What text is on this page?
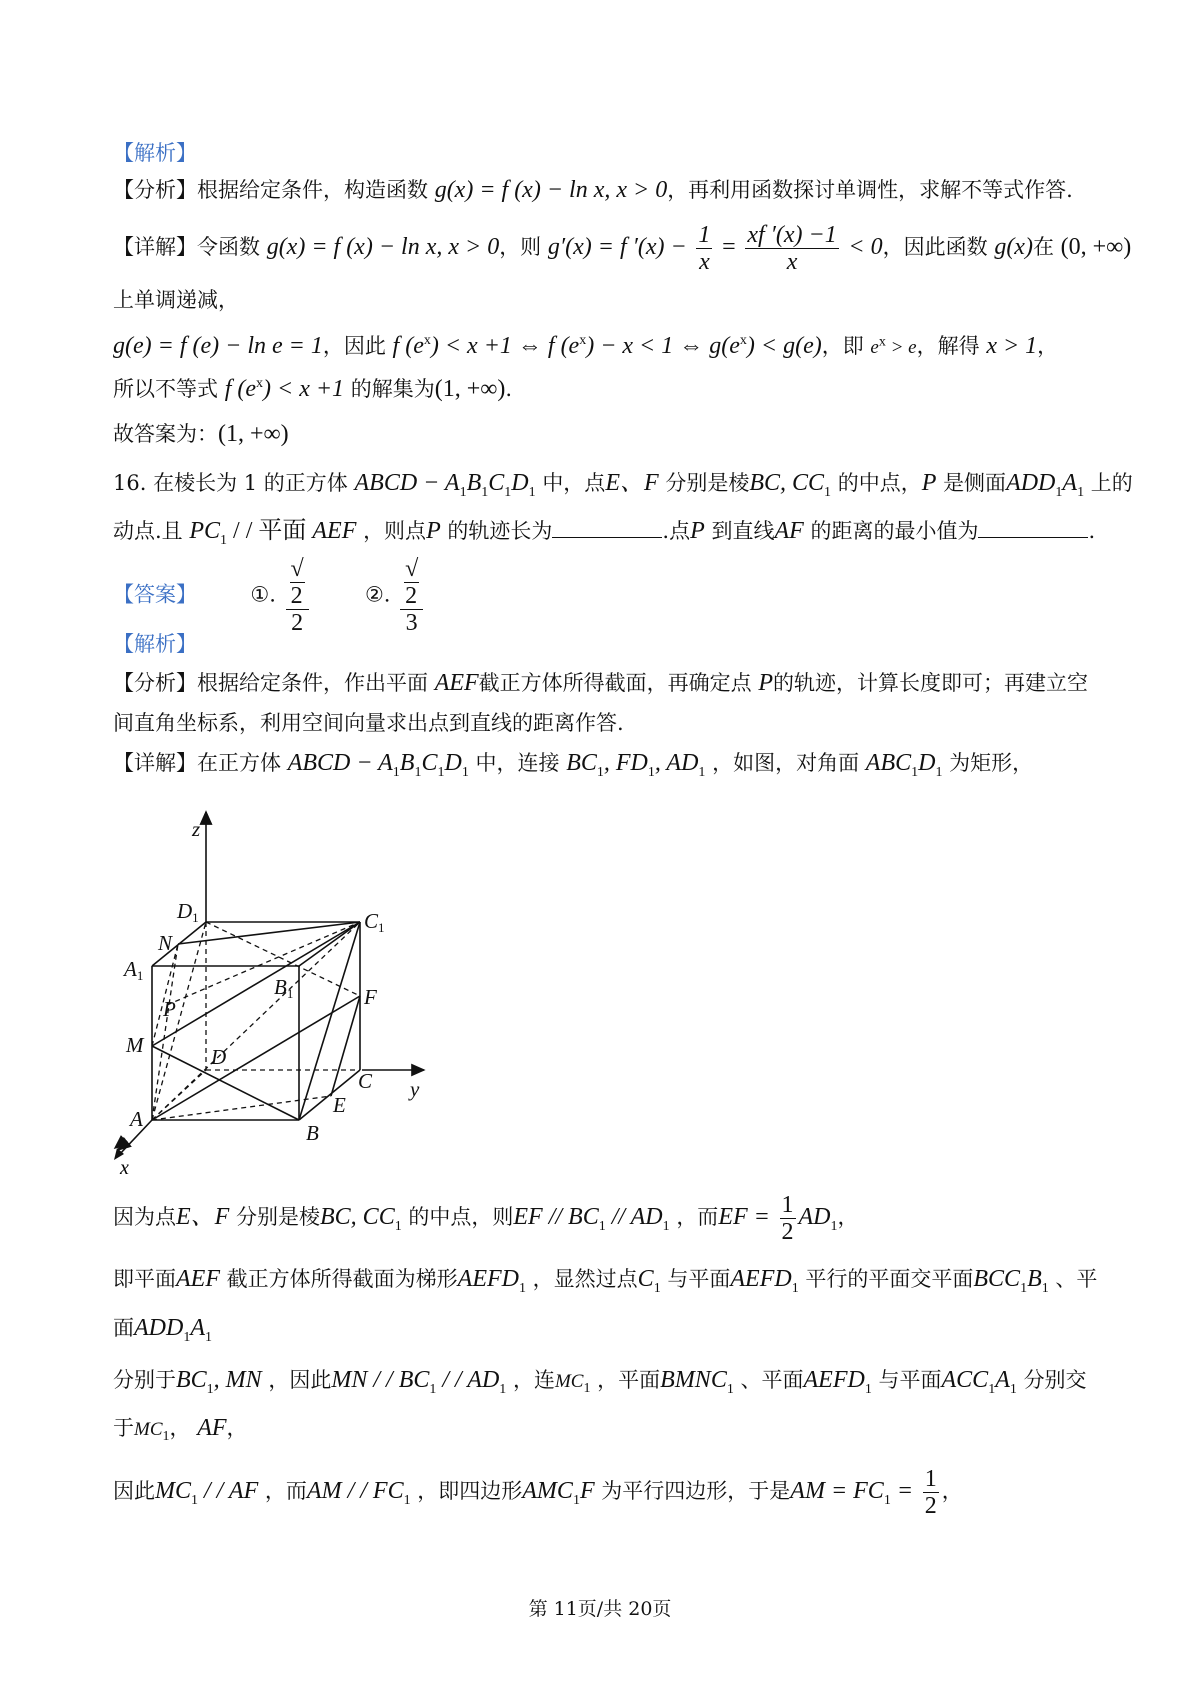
【解析】
【分析】根据给定条件，构造函数 g(x) = f (x) − ln x, x > 0，再利用函数探讨单调性，求解不等式作答.
【详解】令函数 g(x) = f (x) − ln x, x > 0，则 g′(x) = f $'(x) - \frac{1}{x} = \frac{xf '(x) -1}{x} < 0$，因此函数 g(x)在 (0, +∞)
上单调递减，
g(e) = f (e) − ln e = 1，因此 f $(e^x) < x +1$ ⇔ f $(e^x) - x < 1$ ⇔ $g(e^x) < g(e)$，即 $e^x > e$，解得 x > 1，
所以不等式 f $(e^x) < x +1$ 的解集为(1, +∞).
故答案为：(1, +∞)
16. 在棱长为 1 的正方体 ABCD − $A_1B_1C_1D_1$ 中，点E、F 分别是棱BC, $CC_1$ 的中点，P 是侧面$ADD_1A_1$ 上的
动点.且 $PC_1$ / / 平面 AEF ，则点P 的轨迹长为	.点P 到直线AF 的距离的最小值为	.
【答案】	①. √
2
2	②. √
2
3
【解析】
【分析】根据给定条件，作出平面 AEF截正方体所得截面，再确定点 P的轨迹，计算长度即可；再建立空
间直角坐标系，利用空间向量求出点到直线的距离作答.
【详解】在正方体 ABCD − $A_1B_1C_1D_1$ 中，连接 $BC_1$, $FD_1$, $AD_1$ ，如图，对角面 $ABC_1D_1$ 为矩形，
z
y
D1	C1
A1	B1
N
P	F
M	D
C
E
A
B
x
因为点E、F 分别是棱BC, $CC_1$ 的中点，则EF // $BC_1 // AD_1$ ，而EF = $\frac{1}{2} AD_1$，
即平面AEF 截正方体所得截面为梯形$AEFD_1$ ，显然过点$C_1$ 与平面$AEFD_1$ 平行的平面交平面$BCC_1B_1$ 、平
面$ADD_1A_1$
分别于$BC_1$, MN ，因此MN / / $BC_1$ / / $AD_1$ ，连$MC_1$ ，平面$BMNC_1$ 、平面$AEFD_1$ 与平面$ACC_1A_1$ 分别交
于$MC_1$， AF，
因此$MC_1$ / / AF ，而AM / / $FC_1$ ，即四边形$AMC_1F$ 为平行四边形，于是AM = $FC_1 = \frac{1}{2}$ ，
第 11页/共 20页
